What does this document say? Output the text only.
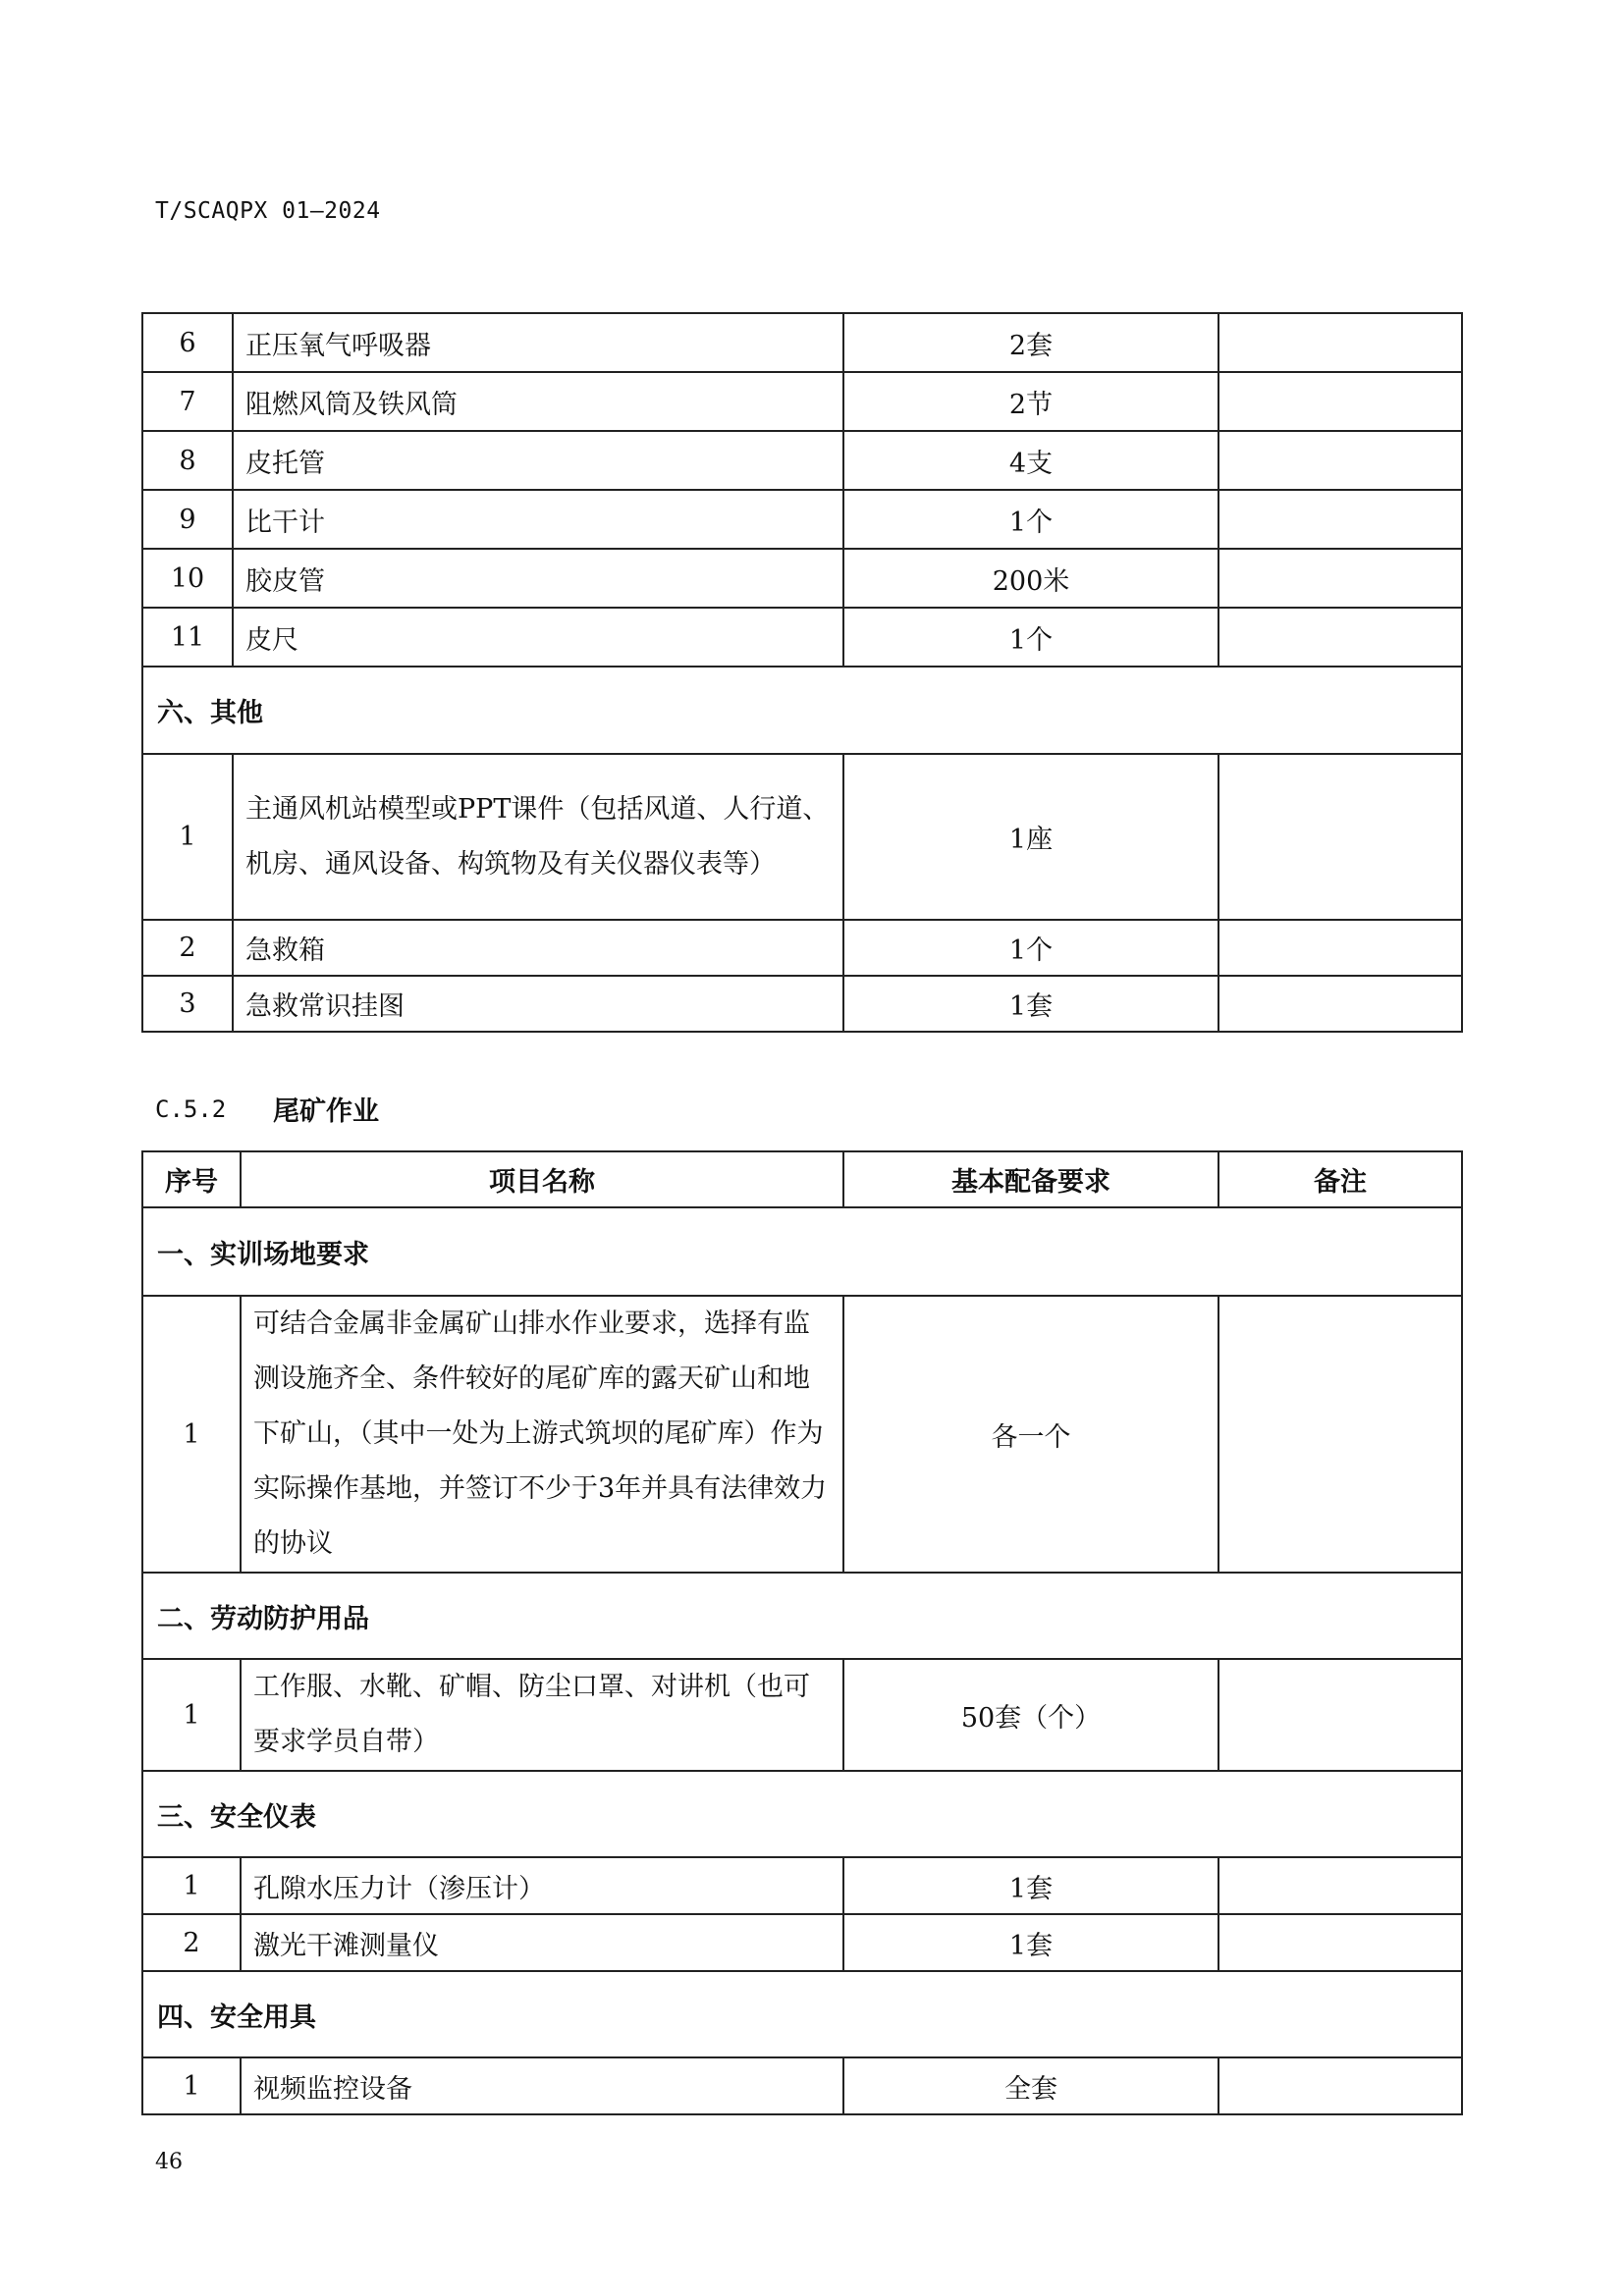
T/SCAQPX 01—2024
6	正压氧气呼吸器	2套	
7	阻燃风筒及铁风筒	2节	
8	皮托管	4支	
9	比干计	1个	
10	胶皮管	200米	
11	皮尺	1个	
六、其他			
1	主通风机站模型或PPT课件（包括风道、人行道、机房、通风设备、构筑物及有关仪器仪表等）	1座	
2	急救箱	1个	
3	急救常识挂图	1套	
C.5.2	尾矿作业
序号	项目名称	基本配备要求	备注
一、实训场地要求			
1	可结合金属非金属矿山排水作业要求，选择有监测设施齐全、条件较好的尾矿库的露天矿山和地下矿山，（其中一处为上游式筑坝的尾矿库）作为实际操作基地，并签订不少于3年并具有法律效力的协议	各一个	
二、劳动防护用品			
1	工作服、水靴、矿帽、防尘口罩、对讲机（也可要求学员自带）	50套（个）	
三、安全仪表			
1	孔隙水压力计（渗压计）	1套	
2	激光干滩测量仪	1套	
四、安全用具			
1	视频监控设备	全套	
46
